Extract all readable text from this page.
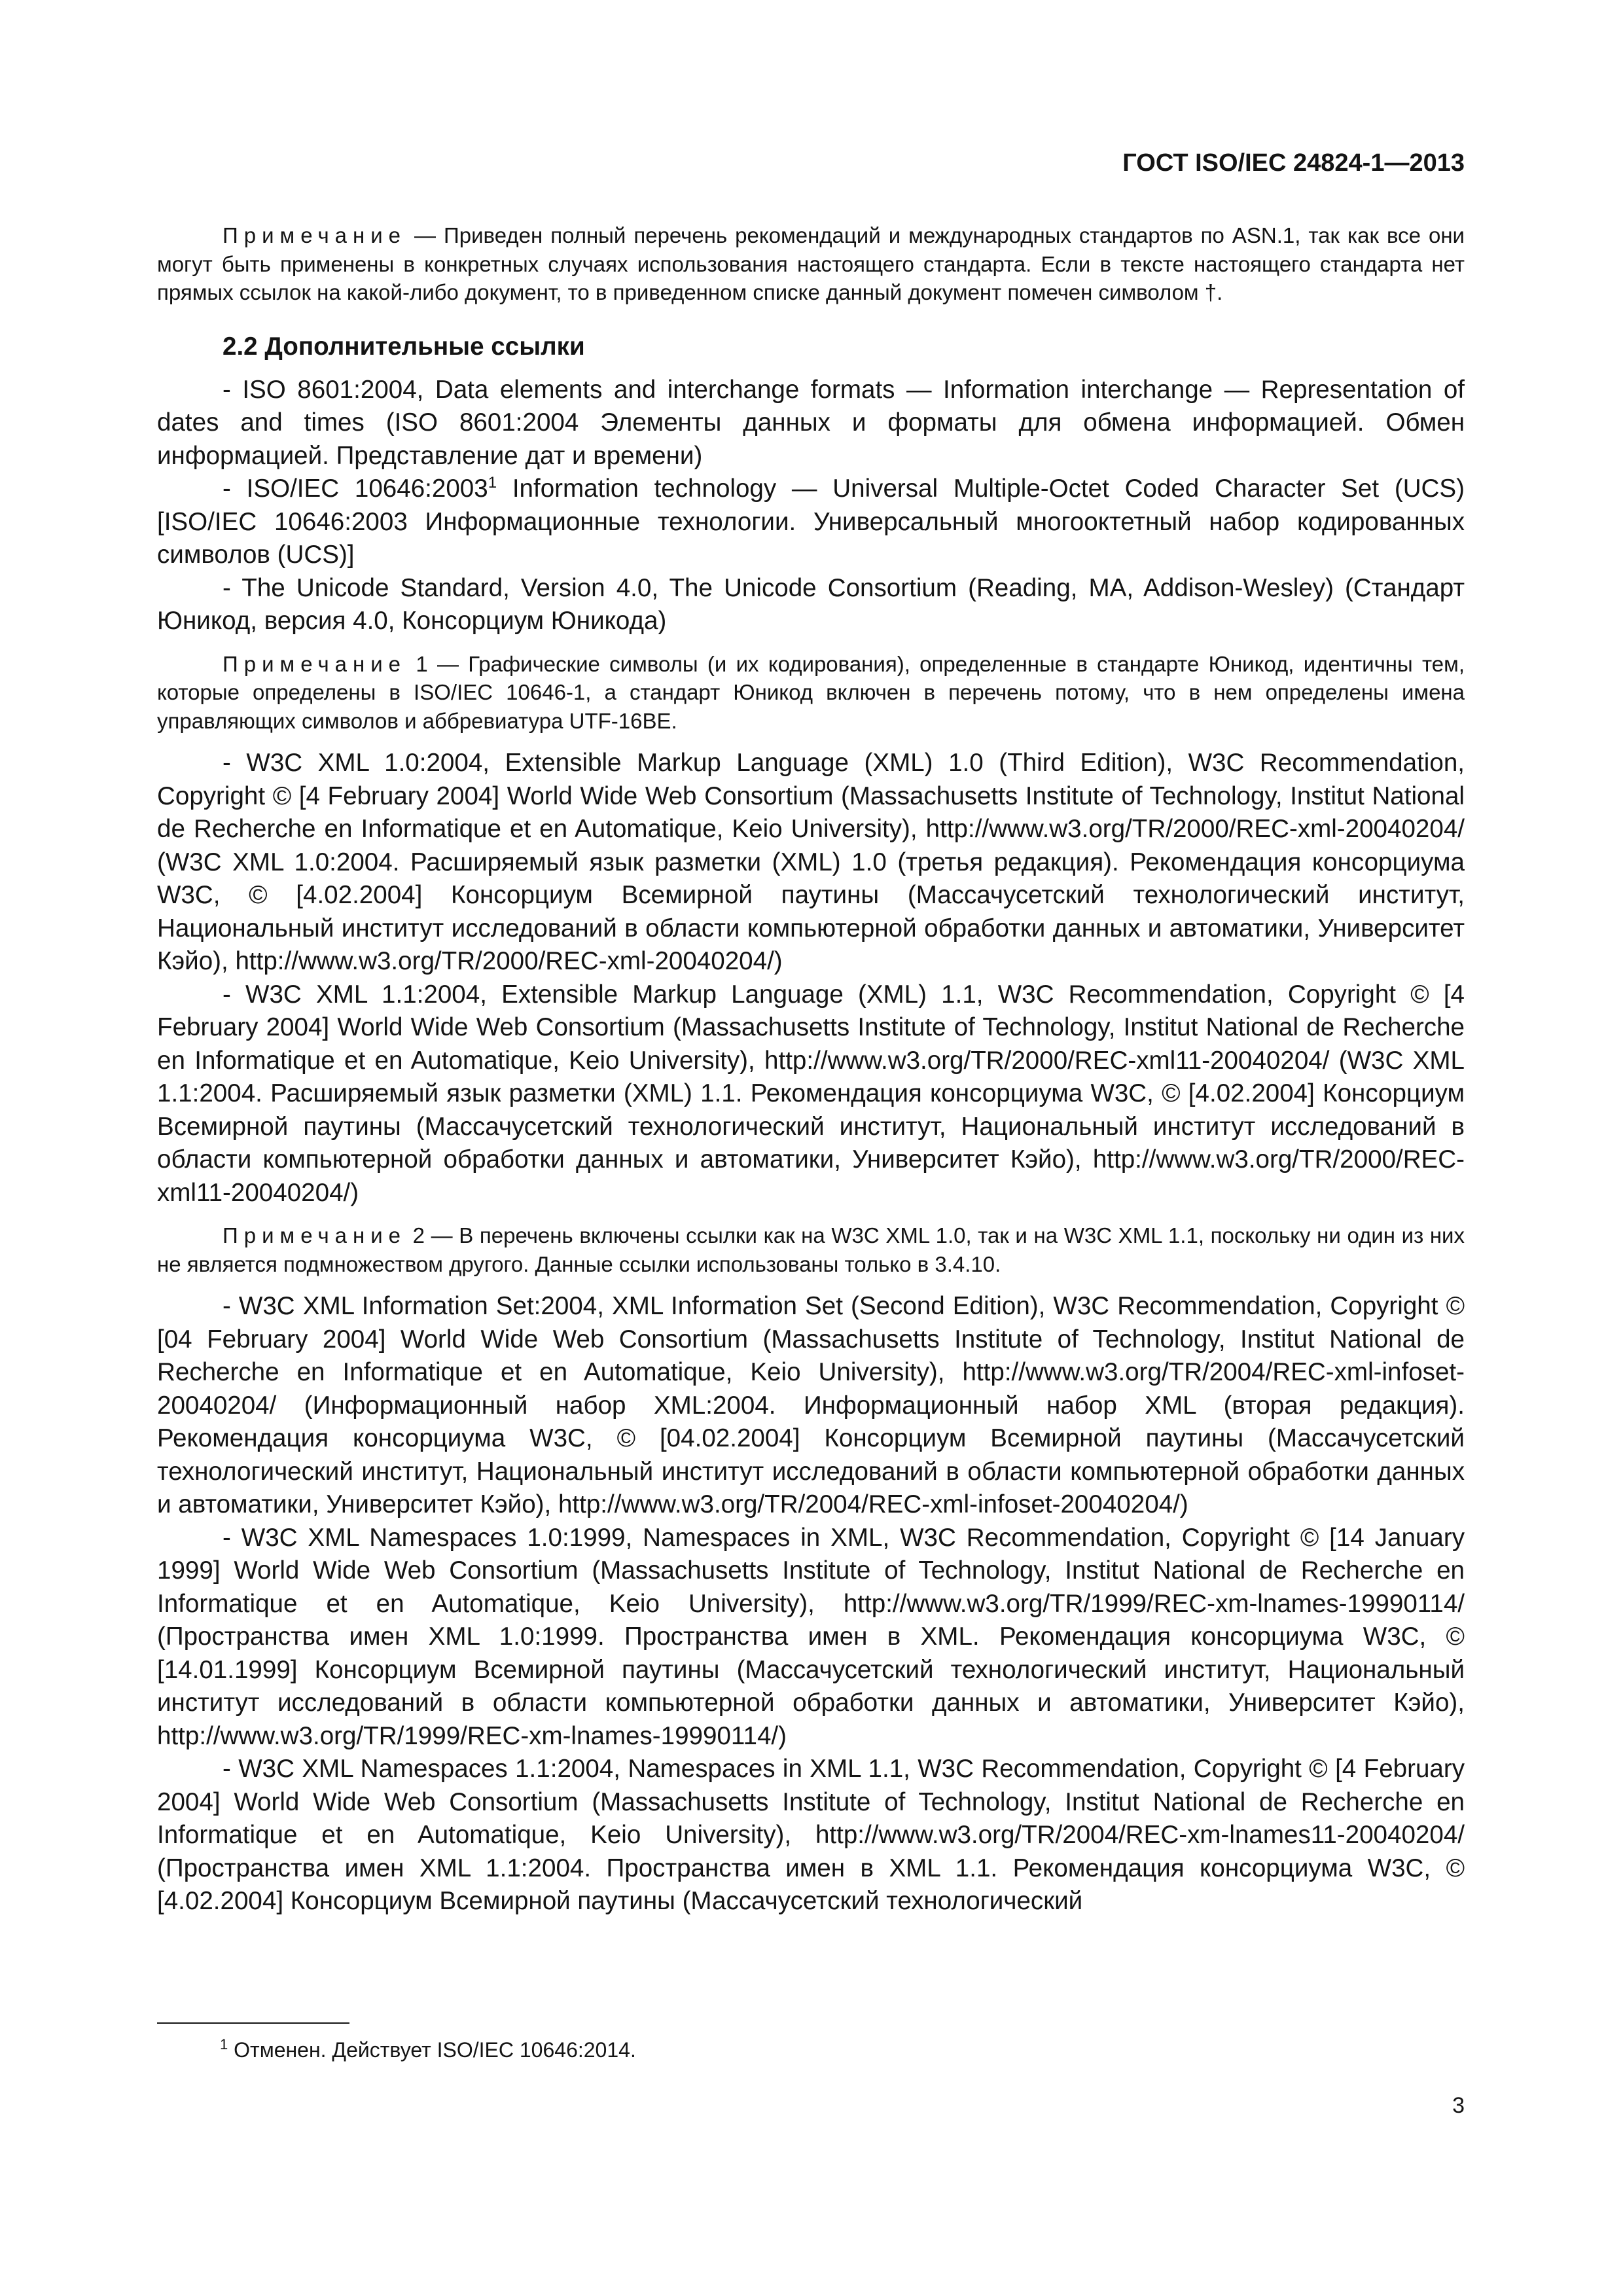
ГОСТ ISO/IEC 24824-1—2013

Примечание — Приведен полный перечень рекомендаций и международных стандартов по ASN.1, так как все они могут быть применены в конкретных случаях использования настоящего стандарта. Если в тексте настоящего стандарта нет прямых ссылок на какой-либо документ, то в приведенном списке данный документ помечен символом †.

2.2 Дополнительные ссылки

- ISO 8601:2004, Data elements and interchange formats — Information interchange — Representation of dates and times (ISO 8601:2004 Элементы данных и форматы для обмена информацией. Обмен информацией. Представление дат и времени)

- ISO/IEC 10646:2003$^1$ Information technology — Universal Multiple-Octet Coded Character Set (UCS) [ISO/IEC 10646:2003 Информационные технологии. Универсальный многооктетный набор кодированных символов (UCS)]

- The Unicode Standard, Version 4.0, The Unicode Consortium (Reading, MA, Addison-Wesley) (Стандарт Юникод, версия 4.0, Консорциум Юникода)

Примечание 1 — Графические символы (и их кодирования), определенные в стандарте Юникод, идентичны тем, которые определены в ISO/IEC 10646-1, а стандарт Юникод включен в перечень потому, что в нем определены имена управляющих символов и аббревиатура UTF-16BE.

- W3C XML 1.0:2004, Extensible Markup Language (XML) 1.0 (Third Edition), W3C Recommendation, Copyright © [4 February 2004] World Wide Web Consortium (Massachusetts Institute of Technology, Institut National de Recherche en Informatique et en Automatique, Keio University), http://www.w3.org/TR/2000/REC-xml-20040204/ (W3C XML 1.0:2004. Расширяемый язык разметки (XML) 1.0 (третья редакция). Рекомендация консорциума W3C, © [4.02.2004] Консорциум Всемирной паутины (Массачусетский технологический институт, Национальный институт исследований в области компьютерной обработки данных и автоматики, Университет Кэйо), http://www.w3.org/TR/2000/REC-xml-20040204/)

- W3C XML 1.1:2004, Extensible Markup Language (XML) 1.1, W3C Recommendation, Copyright © [4 February 2004] World Wide Web Consortium (Massachusetts Institute of Technology, Institut National de Recherche en Informatique et en Automatique, Keio University), http://www.w3.org/TR/2000/REC-xml11-20040204/ (W3C XML 1.1:2004. Расширяемый язык разметки (XML) 1.1. Рекомендация консорциума W3C, © [4.02.2004] Консорциум Всемирной паутины (Массачусетский технологический институт, Национальный институт исследований в области компьютерной обработки данных и автоматики, Университет Кэйо), http://www.w3.org/TR/2000/REC-xml11-20040204/)

Примечание 2 — В перечень включены ссылки как на W3C XML 1.0, так и на W3C XML 1.1, поскольку ни один из них не является подмножеством другого. Данные ссылки использованы только в 3.4.10.

- W3C XML Information Set:2004, XML Information Set (Second Edition), W3C Recommendation, Copyright © [04 February 2004] World Wide Web Consortium (Massachusetts Institute of Technology, Institut National de Recherche en Informatique et en Automatique, Keio University), http://www.w3.org/TR/2004/REC-xml-infoset-20040204/ (Информационный набор XML:2004. Информационный набор XML (вторая редакция). Рекомендация консорциума W3C, © [04.02.2004] Консорциум Всемирной паутины (Массачусетский технологический институт, Национальный институт исследований в области компьютерной обработки данных и автоматики, Университет Кэйо), http://www.w3.org/TR/2004/REC-xml-infoset-20040204/)

- W3C XML Namespaces 1.0:1999, Namespaces in XML, W3C Recommendation, Copyright © [14 January 1999] World Wide Web Consortium (Massachusetts Institute of Technology, Institut National de Recherche en Informatique et en Automatique, Keio University), http://www.w3.org/TR/1999/REC-xm-lnames-19990114/ (Пространства имен XML 1.0:1999. Пространства имен в XML. Рекомендация консорциума W3C, © [14.01.1999] Консорциум Всемирной паутины (Массачусетский технологический институт, Национальный институт исследований в области компьютерной обработки данных и автоматики, Университет Кэйо), http://www.w3.org/TR/1999/REC-xm-lnames-19990114/)

- W3C XML Namespaces 1.1:2004, Namespaces in XML 1.1, W3C Recommendation, Copyright © [4 February 2004] World Wide Web Consortium (Massachusetts Institute of Technology, Institut National de Recherche en Informatique et en Automatique, Keio University), http://www.w3.org/TR/2004/REC-xm-lnames11-20040204/ (Пространства имен XML 1.1:2004. Пространства имен в XML 1.1. Рекомендация консорциума W3C, © [4.02.2004] Консорциум Всемирной паутины (Массачусетский технологический

$^1$ Отменен. Действует ISO/IEC 10646:2014.
3
